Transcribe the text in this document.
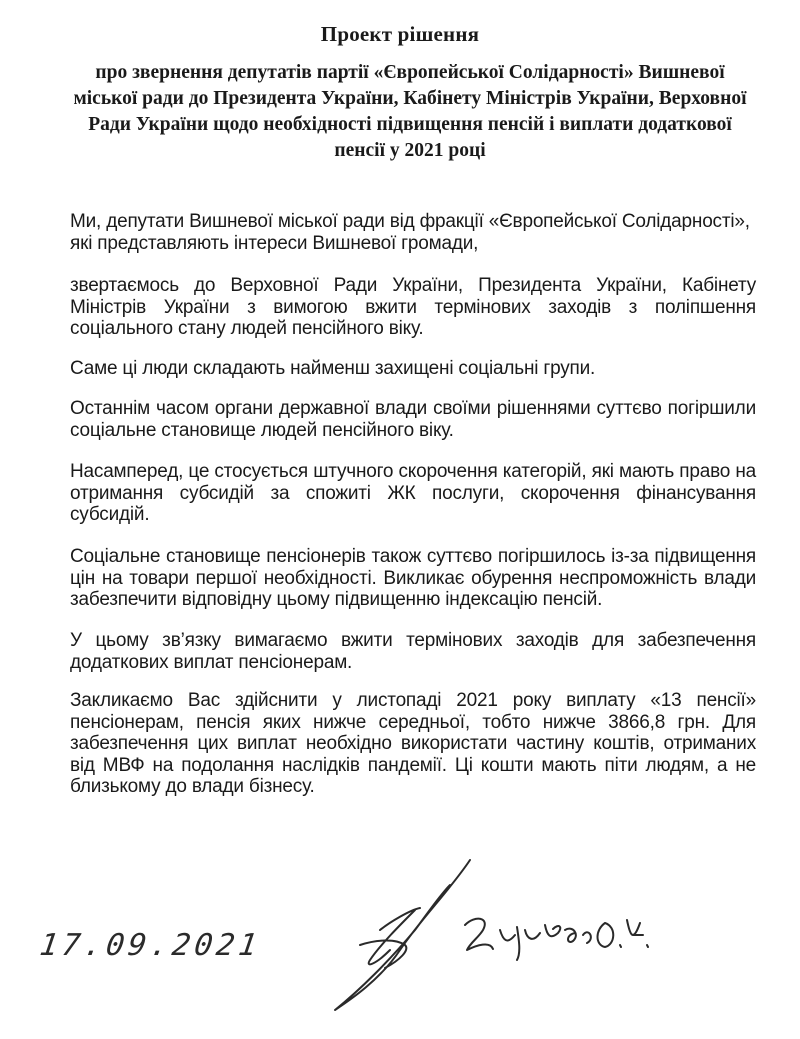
Проект рішення
про звернення депутатів партії «Європейської Солідарності» Вишневої міської ради до Президента України, Кабінету Міністрів України, Верховної Ради України щодо необхідності підвищення пенсій і виплати додаткової пенсії у 2021 році
Ми, депутати Вишневої міської ради від фракції «Європейської Солідарності», які представляють інтереси Вишневої громади,
звертаємось до Верховної Ради України, Президента України, Кабінету Міністрів України з вимогою вжити термінових заходів з поліпшення соціального стану людей пенсійного віку.
Саме ці люди складають найменш захищені соціальні групи.
Останнім часом органи державної влади своїми рішеннями суттєво погіршили соціальне становище людей пенсійного віку.
Насамперед, це стосується штучного скорочення категорій, які мають право на отримання субсидій за спожиті ЖК послуги, скорочення фінансування субсидій.
Соціальне становище пенсіонерів також суттєво погіршилось із-за підвищення цін на товари першої необхідності. Викликає обурення неспроможність влади забезпечити відповідну цьому підвищенню індексацію пенсій.
У цьому зв’язку вимагаємо вжити термінових заходів для забезпечення додаткових виплат пенсіонерам.
Закликаємо Вас здійснити у листопаді 2021 року виплату «13 пенсії» пенсіонерам, пенсія яких нижче середньої, тобто нижче 3866,8 грн. Для забезпечення цих виплат необхідно використати частину коштів, отриманих від МВФ на подолання наслідків пандемії. Ці кошти мають піти людям, а не близькому до влади бізнесу.
17.09.2021
